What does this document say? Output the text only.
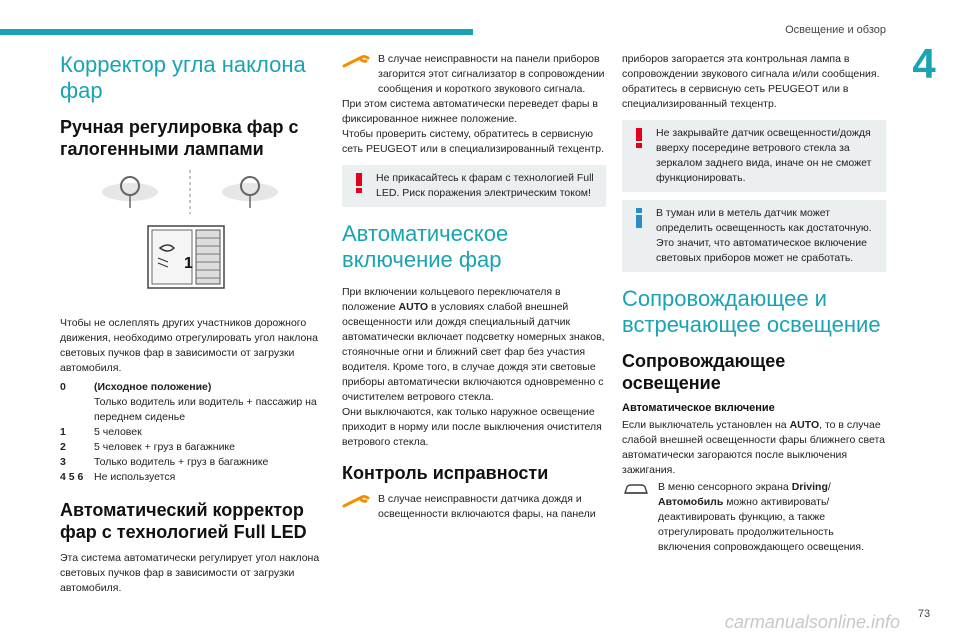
Освещение и обзор
4
73
carmanualsonline.info
Корректор угла наклона фар
Ручная регулировка фар с галогенными лампами
1

Чтобы не ослеплять других участников дорожного движения, необходимо отрегулировать угол наклона световых пучков фар в зависимости от загрузки автомобиля.

0	(Исходное положение)
Только водитель или водитель + пассажир на переднем сиденье
1	5 человек
2	5 человек + груз в багажнике
3	Только водитель + груз в багажнике
4 5 6	Не используется
Автоматический корректор фар с технологией Full LED

Эта система автоматически регулирует угол наклона световых пучков фар в зависимости от загрузки автомобиля.

В случае неисправности на панели приборов загорится этот сигнализатор в сопровождении сообщения и короткого звукового сигнала.

При этом система автоматически переведет фары в фиксированное нижнее положение.

Чтобы проверить систему, обратитесь в сервисную сеть PEUGEOT или в специализированный техцентр.

Не прикасайтесь к фарам с технологией Full LED. Риск поражения электрическим током!

Автоматическое включение фар

При включении кольцевого переключателя в положение AUTO в условиях слабой внешней освещенности или дождя специальный датчик автоматически включает подсветку номерных знаков, стояночные огни и ближний свет фар без участия водителя. Кроме того, в случае дождя эти световые приборы автоматически включаются одновременно с очистителем ветрового стекла.

Они выключаются, как только наружное освещение приходит в норму или после выключения очистителя ветрового стекла.

Контроль исправности

В случае неисправности датчика дождя и освещенности включаются фары, на панели

приборов загорается эта контрольная лампа в сопровождении звукового сигнала и/или сообщения. обратитесь в сервисную сеть PEUGEOT или в специализированный техцентр.

Не закрывайте датчик освещенности/дождя вверху посередине ветрового стекла за зеркалом заднего вида, иначе он не сможет функционировать.

В туман или в метель датчик может определить освещенность как достаточную. Это значит, что автоматическое включение световых приборов может не сработать.

Сопровождающее и встречающее освещение
Сопровождающее освещение
Автоматическое включение

Если выключатель установлен на AUTO, то в случае слабой внешней освещенности фары ближнего света автоматически загораются после выключения зажигания.

В меню сенсорного экрана Driving/Автомобиль можно активировать/деактивировать функцию, а также отрегулировать продолжительность включения сопровождающего освещения.
